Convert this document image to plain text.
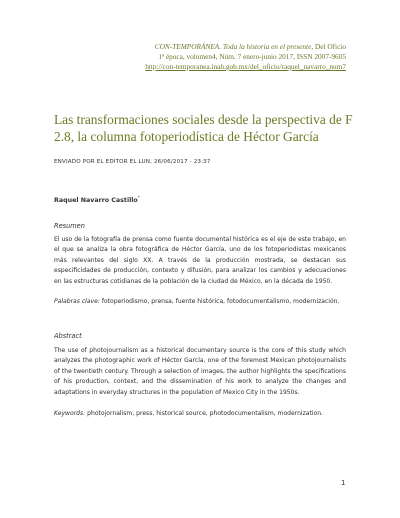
CON-TEMPORÁNEA. Toda la historia en el presente, Del Oficio
1ª época, volumen4, Núm. 7 enero-junio 2017, ISSN 2007-9605
http://con-temporanea.inah.gob.mx/del_oficio/raquel_navarro_num7
Las transformaciones sociales desde la perspectiva de F
2.8, la columna fotoperiodística de Héctor García
ENVIADO POR EL EDITOR EL LUN, 26/06/2017 - 23:37
Raquel Navarro Castillo*
Resumen
El uso de la fotografía de prensa como fuente documental histórica es el eje de este trabajo, en el que se analiza la obra fotográfica de Héctor García, uno de los fotoperiodistas mexicanos más relevantes del siglo XX. A través de la producción mostrada, se destacan sus especificidades de producción, contexto y difusión, para analizar los cambios y adecuaciones en las estructuras cotidianas de la población de la ciudad de México, en la década de 1950.
Palabras clave: fotoperiodismo, prensa, fuente histórica, fotodocumentalismo, modernización.
Abstract
The use of photojournalism as a historical documentary source is the core of this study which analyzes the photographic work of Héctor García, one of the foremost Mexican photojournalists of the twentieth century. Through a selection of images, the author highlights the specifications of his production, context, and the dissemination of his work to analyze the changes and adaptations in everyday structures in the population of Mexico City in the 1950s.
Keywords: photojornalism, press, historical source, photodocumentalism, modernization.
1
